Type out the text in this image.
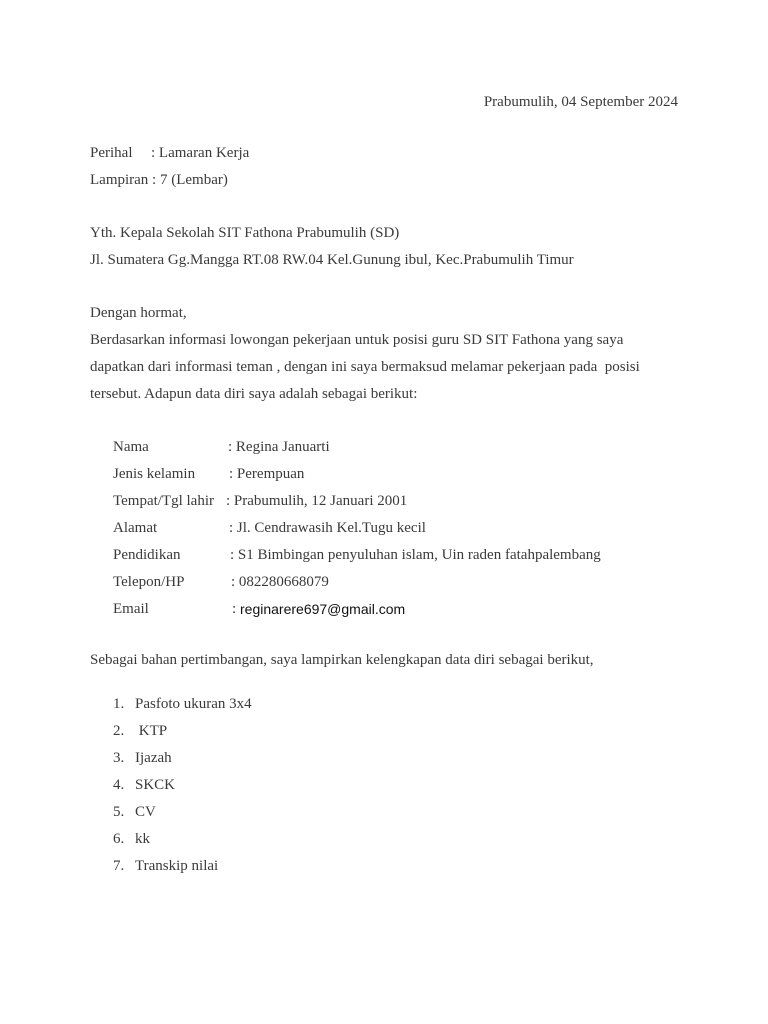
Prabumulih, 04 September 2024
Perihal : Lamaran Kerja
Lampiran : 7 (Lembar)
Yth. Kepala Sekolah SIT Fathona Prabumulih (SD)
Jl. Sumatera Gg.Mangga RT.08 RW.04 Kel.Gunung ibul, Kec.Prabumulih Timur
Dengan hormat,
Berdasarkan informasi lowongan pekerjaan untuk posisi guru SD SIT Fathona yang saya
dapatkan dari informasi teman , dengan ini saya bermaksud melamar pekerjaan pada  posisi
tersebut. Adapun data diri saya adalah sebagai berikut:
Nama	: Regina Januarti
Jenis kelamin : Perempuan
Tempat/Tgl lahir : Prabumulih, 12 Januari 2001
Alamat	: Jl. Cendrawasih Kel.Tugu kecil
Pendidikan	: S1 Bimbingan penyuluhan islam, Uin raden fatahpalembang
Telepon/HP	: 082280668079
Email	: reginarere697@gmail.com
Sebagai bahan pertimbangan, saya lampirkan kelengkapan data diri sebagai berikut,
1. Pasfoto ukuran 3x4
2. KTP
3. Ijazah
4. SKCK
5. CV
6. kk
7. Transkip nilai
